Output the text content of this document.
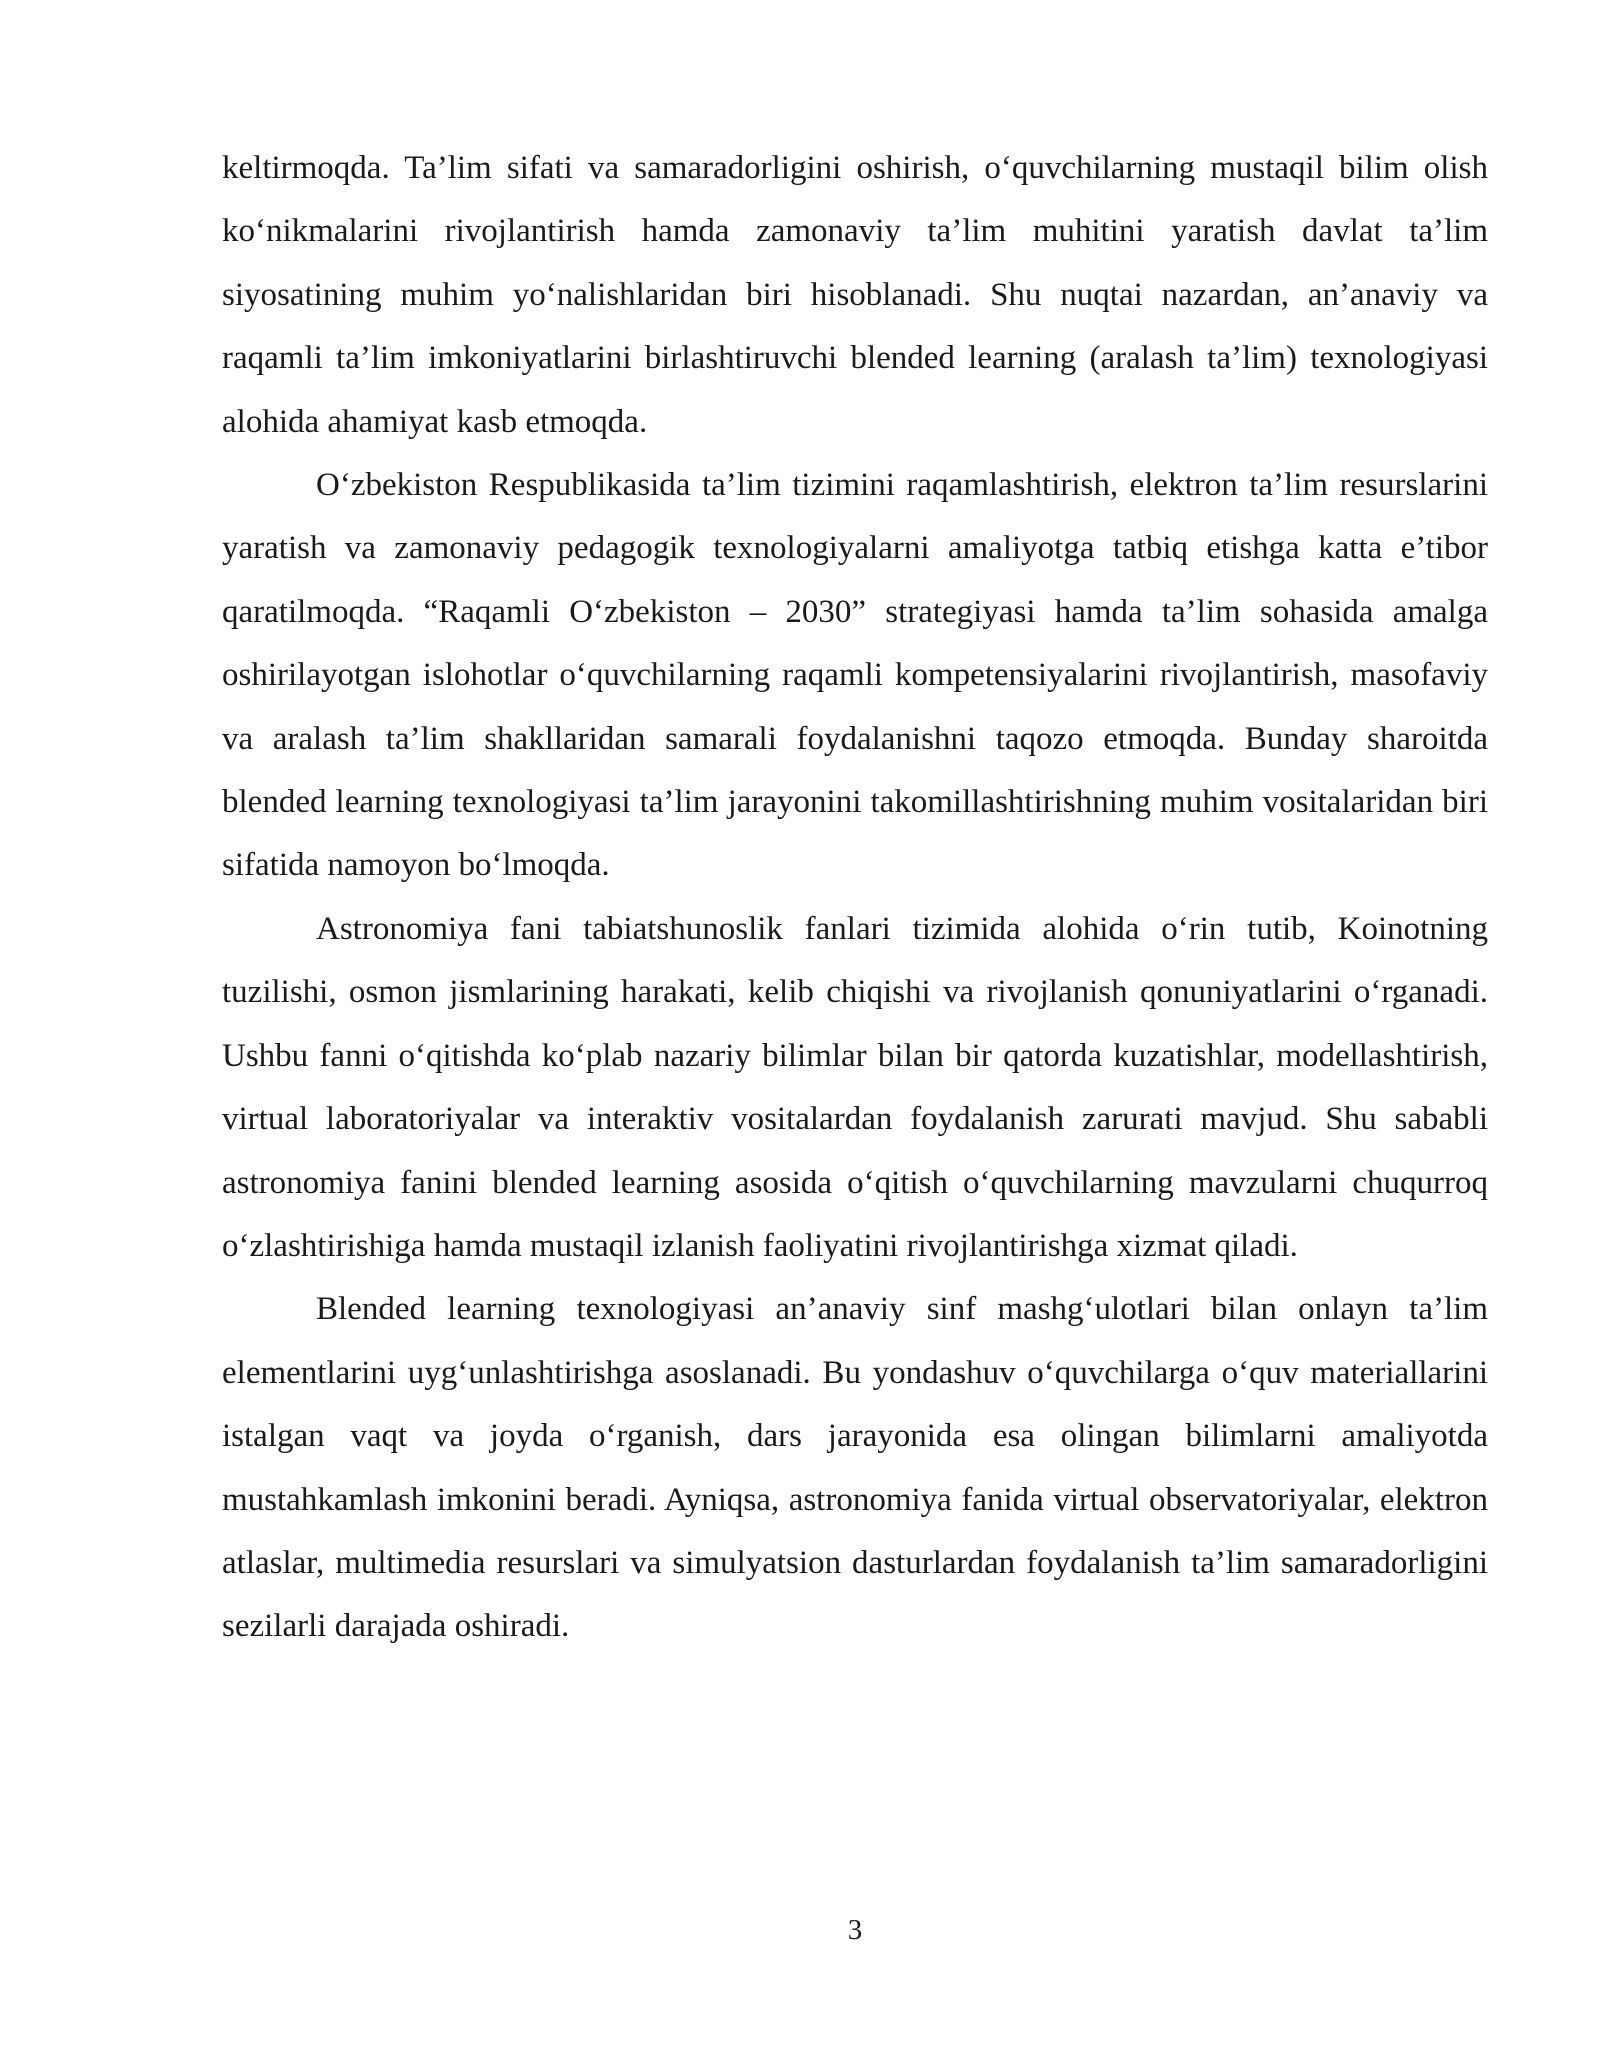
keltirmoqda. Ta’lim sifati va samaradorligini oshirish, o‘quvchilarning mustaqil bilim olish ko‘nikmalarini rivojlantirish hamda zamonaviy ta’lim muhitini yaratish davlat ta’lim siyosatining muhim yo‘nalishlaridan biri hisoblanadi. Shu nuqtai nazardan, an’anaviy va raqamli ta’lim imkoniyatlarini birlashtiruvchi blended learning (aralash ta’lim) texnologiyasi alohida ahamiyat kasb etmoqda.

O‘zbekiston Respublikasida ta’lim tizimini raqamlashtirish, elektron ta’lim resurslarini yaratish va zamonaviy pedagogik texnologiyalarni amaliyotga tatbiq etishga katta e’tibor qaratilmoqda. “Raqamli O‘zbekiston – 2030” strategiyasi hamda ta’lim sohasida amalga oshirilayotgan islohotlar o‘quvchilarning raqamli kompetensiyalarini rivojlantirish, masofaviy va aralash ta’lim shakllaridan samarali foydalanishni taqozo etmoqda. Bunday sharoitda blended learning texnologiyasi ta’lim jarayonini takomillashtirishning muhim vositalaridan biri sifatida namoyon bo‘lmoqda.

Astronomiya fani tabiatshunoslik fanlari tizimida alohida o‘rin tutib, Koinotning tuzilishi, osmon jismlarining harakati, kelib chiqishi va rivojlanish qonuniyatlarini o‘rganadi. Ushbu fanni o‘qitishda ko‘plab nazariy bilimlar bilan bir qatorda kuzatishlar, modellashtirish, virtual laboratoriyalar va interaktiv vositalardan foydalanish zarurati mavjud. Shu sababli astronomiya fanini blended learning asosida o‘qitish o‘quvchilarning mavzularni chuqurroq o‘zlashtirishiga hamda mustaqil izlanish faoliyatini rivojlantirishga xizmat qiladi.

Blended learning texnologiyasi an’anaviy sinf mashg‘ulotlari bilan onlayn ta’lim elementlarini uyg‘unlashtirishga asoslanadi. Bu yondashuv o‘quvchilarga o‘quv materiallarini istalgan vaqt va joyda o‘rganish, dars jarayonida esa olingan bilimlarni amaliyotda mustahkamlash imkonini beradi. Ayniqsa, astronomiya fanida virtual observatoriyalar, elektron atlaslar, multimedia resurslari va simulyatsion dasturlardan foydalanish ta’lim samaradorligini sezilarli darajada oshiradi.

3
